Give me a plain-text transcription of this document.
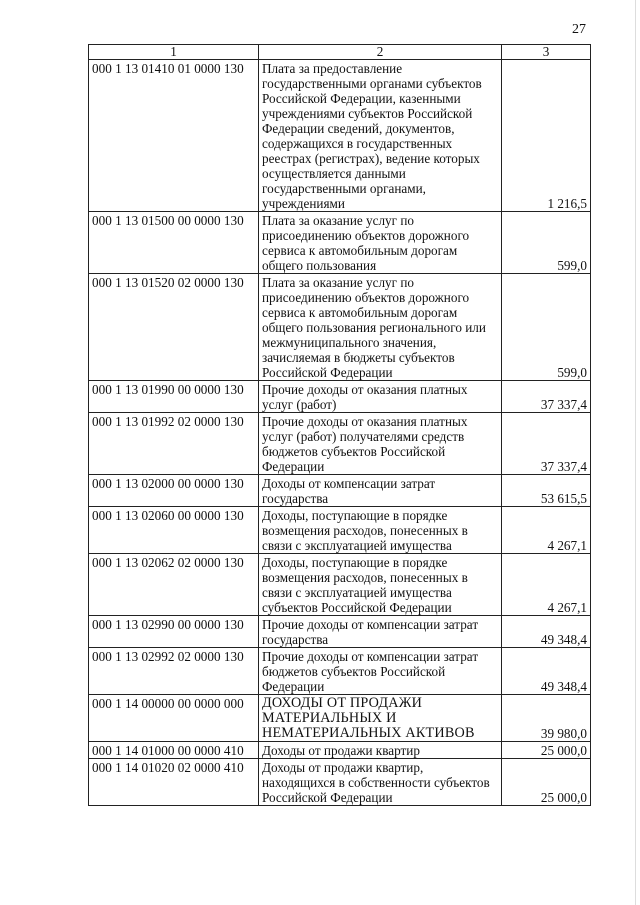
27
1	2	3
000 1 13 01410 01 0000 130	Плата за предоставление государственными органами субъектов Российской Федерации, казенными учреждениями субъектов Российской Федерации сведений, документов, содержащихся в государственных реестрах (регистрах), ведение которых осуществляется данными государственными органами, учреждениями	1 216,5
000 1 13 01500 00 0000 130	Плата за оказание услуг по присоединению объектов дорожного сервиса к автомобильным дорогам общего пользования	599,0
000 1 13 01520 02 0000 130	Плата за оказание услуг по присоединению объектов дорожного сервиса к автомобильным дорогам общего пользования регионального или межмуниципального значения, зачисляемая в бюджеты субъектов Российской Федерации	599,0
000 1 13 01990 00 0000 130	Прочие доходы от оказания платных услуг (работ)	37 337,4
000 1 13 01992 02 0000 130	Прочие доходы от оказания платных услуг (работ) получателями средств бюджетов субъектов Российской Федерации	37 337,4
000 1 13 02000 00 0000 130	Доходы от компенсации затрат государства	53 615,5
000 1 13 02060 00 0000 130	Доходы, поступающие в порядке возмещения расходов, понесенных в связи с эксплуатацией имущества	4 267,1
000 1 13 02062 02 0000 130	Доходы, поступающие в порядке возмещения расходов, понесенных в связи с эксплуатацией имущества субъектов Российской Федерации	4 267,1
000 1 13 02990 00 0000 130	Прочие доходы от компенсации затрат государства	49 348,4
000 1 13 02992 02 0000 130	Прочие доходы от компенсации затрат бюджетов субъектов Российской Федерации	49 348,4
000 1 14 00000 00 0000 000	ДОХОДЫ ОТ ПРОДАЖИ МАТЕРИАЛЬНЫХ И НЕМАТЕРИАЛЬНЫХ АКТИВОВ	39 980,0
000 1 14 01000 00 0000 410	Доходы от продажи квартир	25 000,0
000 1 14 01020 02 0000 410	Доходы от продажи квартир, находящихся в собственности субъектов Российской Федерации	25 000,0
